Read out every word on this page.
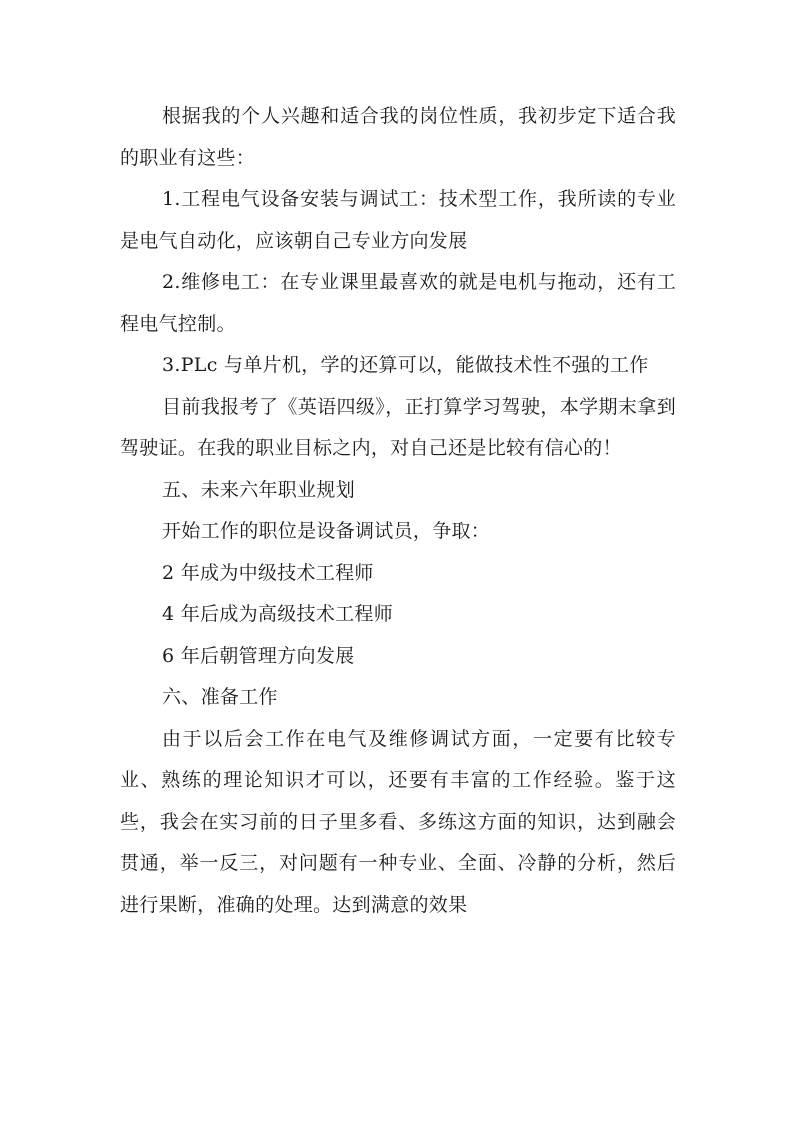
根据我的个人兴趣和适合我的岗位性质，我初步定下适合我的职业有这些：

1.工程电气设备安装与调试工：技术型工作，我所读的专业是电气自动化，应该朝自己专业方向发展

2.维修电工：在专业课里最喜欢的就是电机与拖动，还有工程电气控制。

3.PLc 与单片机，学的还算可以，能做技术性不强的工作

目前我报考了《英语四级》，正打算学习驾驶，本学期末拿到驾驶证。在我的职业目标之内，对自己还是比较有信心的！

五、未来六年职业规划

开始工作的职位是设备调试员，争取：

2 年成为中级技术工程师

4 年后成为高级技术工程师

6 年后朝管理方向发展

六、准备工作

由于以后会工作在电气及维修调试方面，一定要有比较专业、熟练的理论知识才可以，还要有丰富的工作经验。鉴于这些，我会在实习前的日子里多看、多练这方面的知识，达到融会贯通，举一反三，对问题有一种专业、全面、冷静的分析，然后进行果断，准确的处理。达到满意的效果
